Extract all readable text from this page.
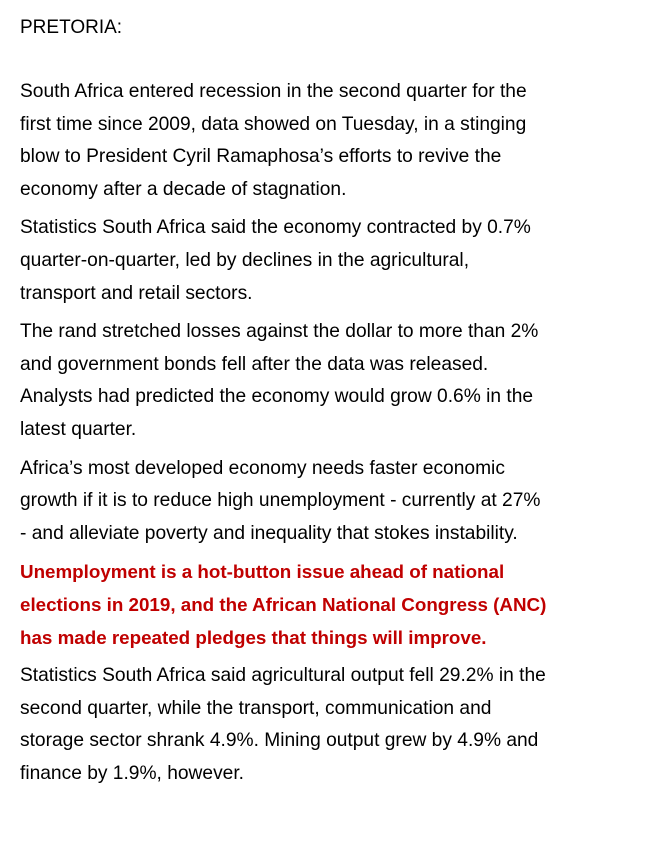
PRETORIA:
South Africa entered recession in the second quarter for the
first time since 2009, data showed on Tuesday, in a stinging
blow to President Cyril Ramaphosa’s efforts to revive the
economy after a decade of stagnation.
Statistics South Africa said the economy contracted by 0.7%
quarter-on-quarter, led by declines in the agricultural,
transport and retail sectors.
The rand stretched losses against the dollar to more than 2%
and government bonds fell after the data was released.
Analysts had predicted the economy would grow 0.6% in the
latest quarter.
Africa’s most developed economy needs faster economic
growth if it is to reduce high unemployment - currently at 27%
- and alleviate poverty and inequality that stokes instability.
Unemployment is a hot-button issue ahead of national
elections in 2019, and the African National Congress (ANC)
has made repeated pledges that things will improve.
Statistics South Africa said agricultural output fell 29.2% in the
second quarter, while the transport, communication and
storage sector shrank 4.9%. Mining output grew by 4.9% and
finance by 1.9%, however.
